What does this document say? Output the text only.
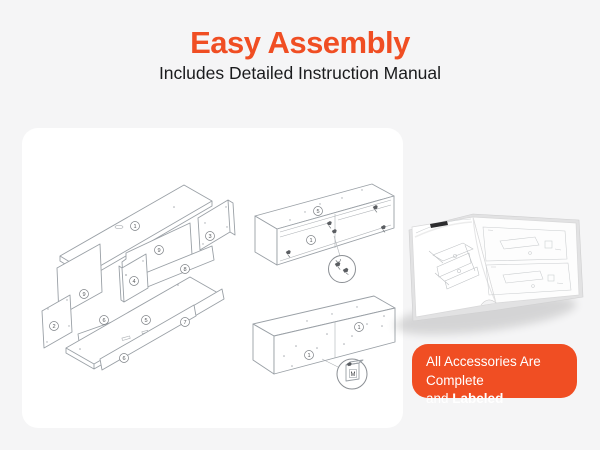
Easy Assembly
Includes Detailed Instruction Manual
1
3
9
4
8
9
2
6	5	7
6
5
1
1
1
M
All Accessories Are
Complete and Labeled
